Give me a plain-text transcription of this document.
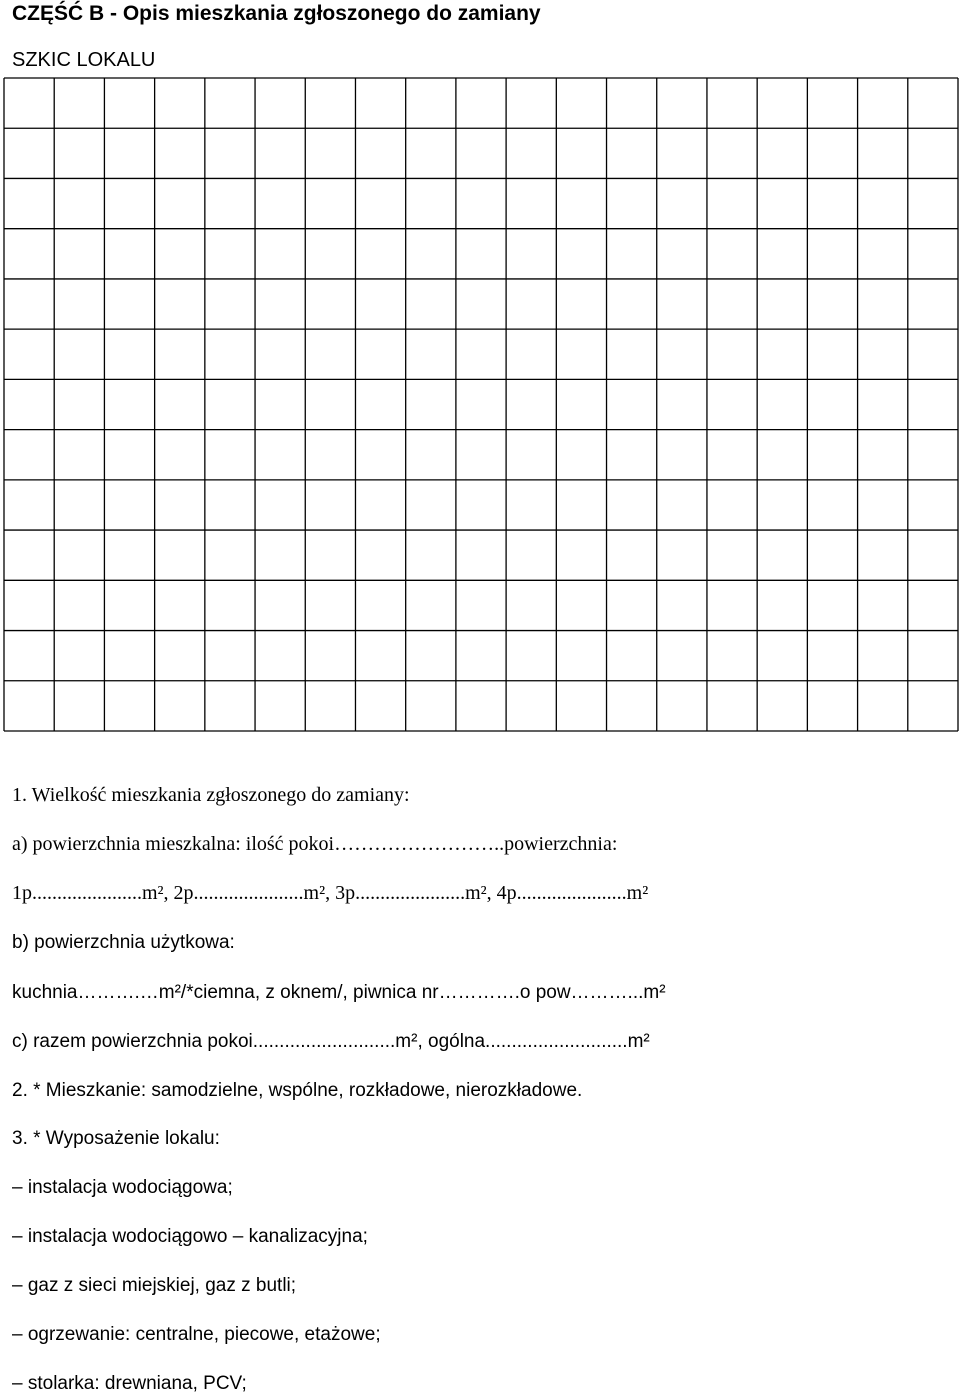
CZĘŚĆ B - Opis mieszkania zgłoszonego do zamiany
SZKIC LOKALU
1. Wielkość mieszkania zgłoszonego do zamiany:
a) powierzchnia mieszkalna: ilość pokoi……………………..powierzchnia:
1p......................m², 2p......................m², 3p......................m², 4p......................m²
b) powierzchnia użytkowa:
kuchnia……….…m²/*ciemna, z oknem/, piwnica nr………….o pow………...m²
c) razem powierzchnia pokoi...........................m², ogólna...........................m²
2. * Mieszkanie: samodzielne, wspólne, rozkładowe, nierozkładowe.
3. * Wyposażenie lokalu:
– instalacja wodociągowa;
– instalacja wodociągowo – kanalizacyjna;
– gaz z sieci miejskiej, gaz z butli;
– ogrzewanie: centralne, piecowe, etażowe;
– stolarka: drewniana, PCV;
